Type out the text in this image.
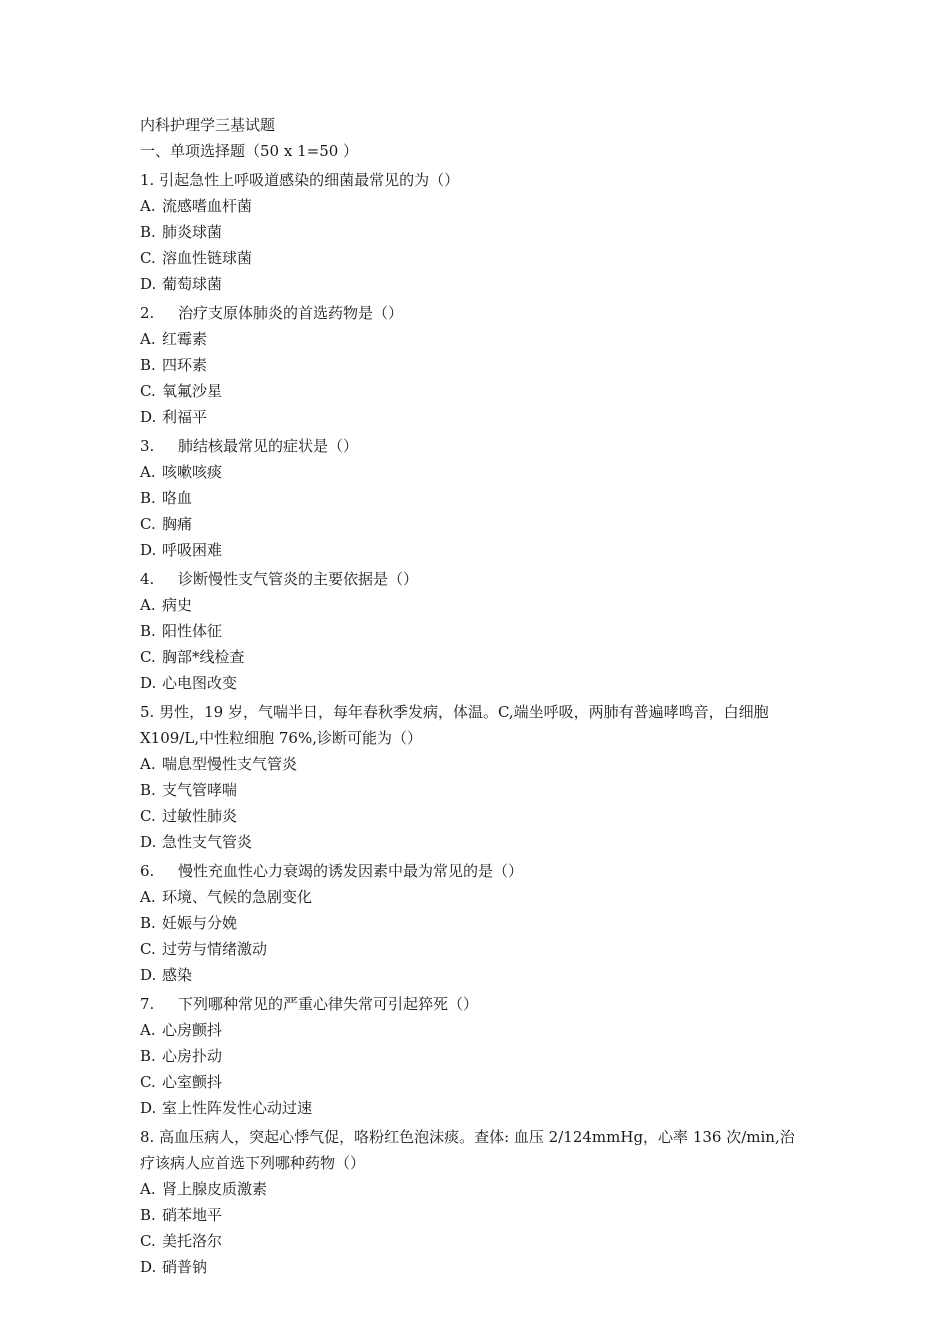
内科护理学三基试题
一、单项选择题（50 x 1=50 ）
1. 引起急性上呼吸道感染的细菌最常见的为（）
A. 流感嗜血杆菌
B. 肺炎球菌
C. 溶血性链球菌
D. 葡萄球菌
2. 治疗支原体肺炎的首选药物是（）
A. 红霉素
B. 四环素
C. 氧氟沙星
D. 利福平
3. 肺结核最常见的症状是（）
A. 咳嗽咳痰
B. 咯血
C. 胸痛
D. 呼吸困难
4. 诊断慢性支气管炎的主要依据是（）
A. 病史
B. 阳性体征
C. 胸部*线检查
D. 心电图改变
5. 男性，19 岁，气喘半日，每年春秋季发病，体温。C,端坐呼吸，两肺有普遍哮鸣音，白细胞X109/L,中性粒细胞 76%,诊断可能为（）
A. 喘息型慢性支气管炎
B. 支气管哮喘
C. 过敏性肺炎
D. 急性支气管炎
6. 慢性充血性心力衰竭的诱发因素中最为常见的是（）
A. 环境、气候的急剧变化
B. 妊娠与分娩
C. 过劳与情绪激动
D. 感染
7. 下列哪种常见的严重心律失常可引起猝死（）
A. 心房颤抖
B. 心房扑动
C. 心室颤抖
D. 室上性阵发性心动过速
8. 高血压病人，突起心悸气促，咯粉红色泡沫痰。查体: 血压 2/124mmHg，心率 136 次/min,治疗该病人应首选下列哪种药物（）
A. 肾上腺皮质激素
B. 硝苯地平
C. 美托洛尔
D. 硝普钠
